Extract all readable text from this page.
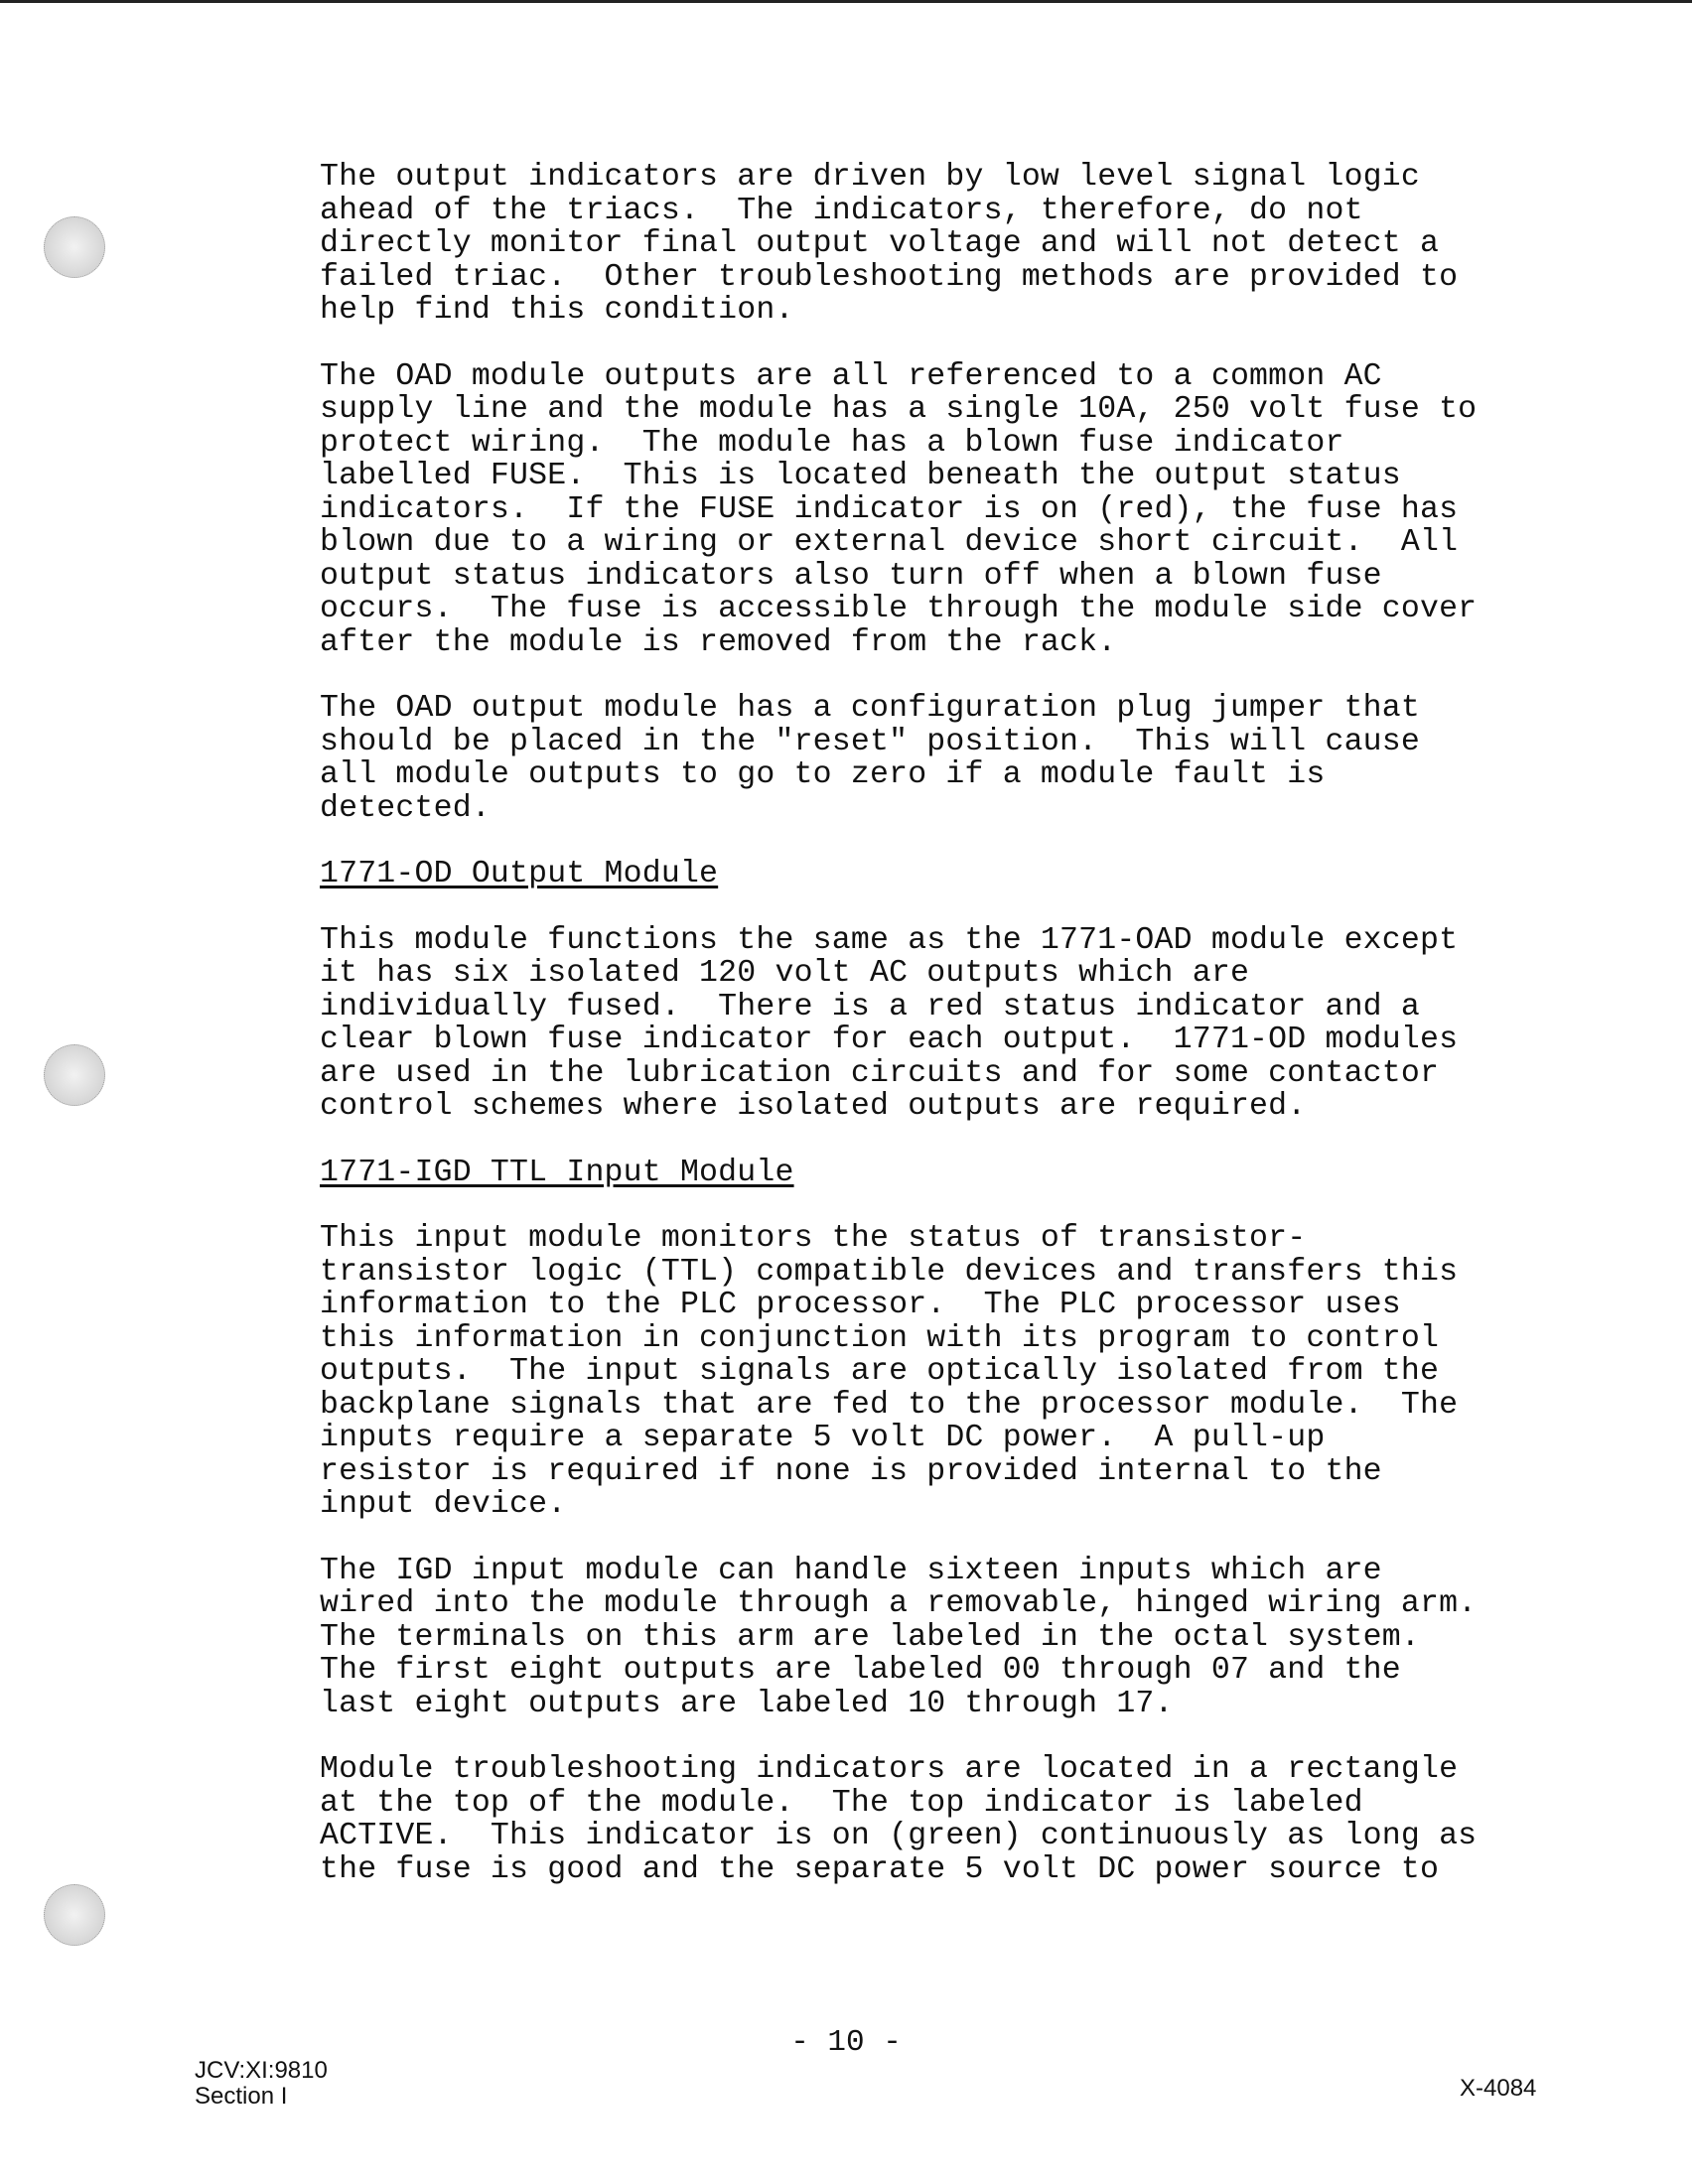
The output indicators are driven by low level signal logic
ahead of the triacs.  The indicators, therefore, do not
directly monitor final output voltage and will not detect a
failed triac.  Other troubleshooting methods are provided to
help find this condition.
The OAD module outputs are all referenced to a common AC
supply line and the module has a single 10A, 250 volt fuse to
protect wiring.  The module has a blown fuse indicator
labelled FUSE.  This is located beneath the output status
indicators.  If the FUSE indicator is on (red), the fuse has
blown due to a wiring or external device short circuit.  All
output status indicators also turn off when a blown fuse
occurs.  The fuse is accessible through the module side cover
after the module is removed from the rack.
The OAD output module has a configuration plug jumper that
should be placed in the "reset" position.  This will cause
all module outputs to go to zero if a module fault is
detected.
1771-OD Output Module
This module functions the same as the 1771-OAD module except
it has six isolated 120 volt AC outputs which are
individually fused.  There is a red status indicator and a
clear blown fuse indicator for each output.  1771-OD modules
are used in the lubrication circuits and for some contactor
control schemes where isolated outputs are required.
1771-IGD TTL Input Module
This input module monitors the status of transistor-
transistor logic (TTL) compatible devices and transfers this
information to the PLC processor.  The PLC processor uses
this information in conjunction with its program to control
outputs.  The input signals are optically isolated from the
backplane signals that are fed to the processor module.  The
inputs require a separate 5 volt DC power.  A pull-up
resistor is required if none is provided internal to the
input device.
The IGD input module can handle sixteen inputs which are
wired into the module through a removable, hinged wiring arm.
The terminals on this arm are labeled in the octal system.
The first eight outputs are labeled 00 through 07 and the
last eight outputs are labeled 10 through 17.
Module troubleshooting indicators are located in a rectangle
at the top of the module.  The top indicator is labeled
ACTIVE.  This indicator is on (green) continuously as long as
the fuse is good and the separate 5 volt DC power source to
- 10 -
JCV:XI:9810
Section I	X-4084
